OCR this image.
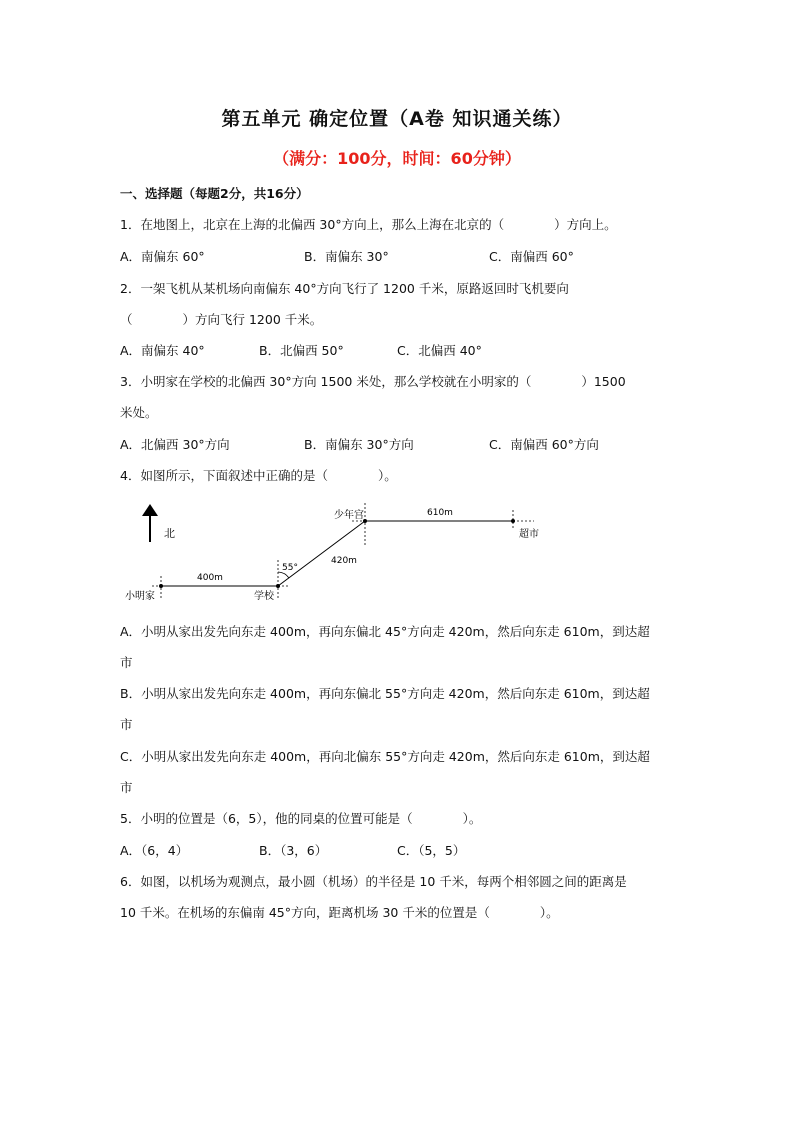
第五单元 确定位置（A卷 知识通关练）
（满分：100分，时间：60分钟）
一、选择题（每题2分，共16分）
1．在地图上，北京在上海的北偏西 30°方向上，那么上海在北京的（　　　　）方向上。
A．南偏东 60°	B．南偏东 30°	C．南偏西 60°
2．一架飞机从某机场向南偏东 40°方向飞行了 1200 千米，原路返回时飞机要向
（　　　　）方向飞行 1200 千米。
A．南偏东 40°	B．北偏西 50°	C．北偏西 40°
3．小明家在学校的北偏西 30°方向 1500 米处，那么学校就在小明家的（　　　　）1500
米处。
A．北偏西 30°方向	B．南偏东 30°方向	C．南偏西 60°方向
4．如图所示，下面叙述中正确的是（　　　　）。
北
小明家	学校
少年宫
超市
400m
420m
610m
55°
A．小明从家出发先向东走 400m，再向东偏北 45°方向走 420m，然后向东走 610m，到达超
市
B．小明从家出发先向东走 400m，再向东偏北 55°方向走 420m，然后向东走 610m，到达超
市
C．小明从家出发先向东走 400m，再向北偏东 55°方向走 420m，然后向东走 610m，到达超
市
5．小明的位置是（6，5），他的同桌的位置可能是（　　　　）。
A．（6，4）	B．（3，6）	C．（5，5）
6．如图，以机场为观测点，最小圆（机场）的半径是 10 千米，每两个相邻圆之间的距离是
10 千米。在机场的东偏南 45°方向，距离机场 30 千米的位置是（　　　　）。
